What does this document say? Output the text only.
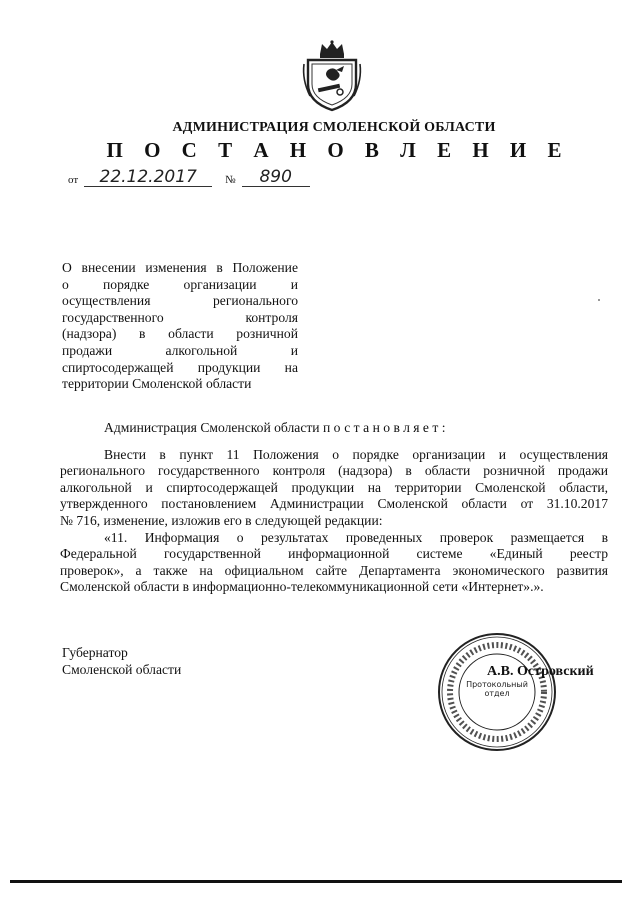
АДМИНИСТРАЦИЯ СМОЛЕНСКОЙ ОБЛАСТИ
П О С Т А Н О В Л Е Н И Е
от 22.12.2017	№ 890
О внесении изменения в Положение
о порядке организации и
осуществления регионального
государственного контроля
(надзора) в области розничной
продажи алкогольной и
спиртосодержащей продукции на
территории Смоленской области
Администрация Смоленской области постановляет:
Внести в пункт 11 Положения о порядке организации и осуществления
регионального государственного контроля (надзора) в области розничной продажи
алкогольной и спиртосодержащей продукции на территории Смоленской области,
утвержденного постановлением Администрации Смоленской области от 31.10.2017
№ 716, изменение, изложив его в следующей редакции:
«11. Информация о результатах проведенных проверок размещается в
Федеральной государственной информационной системе «Единый реестр
проверок», а также на официальном сайте Департамента экономического развития
Смоленской области в информационно-телекоммуникационной сети «Интернет».».
Губернатор
Смоленской области
Протокольный
отдел
А.В. Островский
